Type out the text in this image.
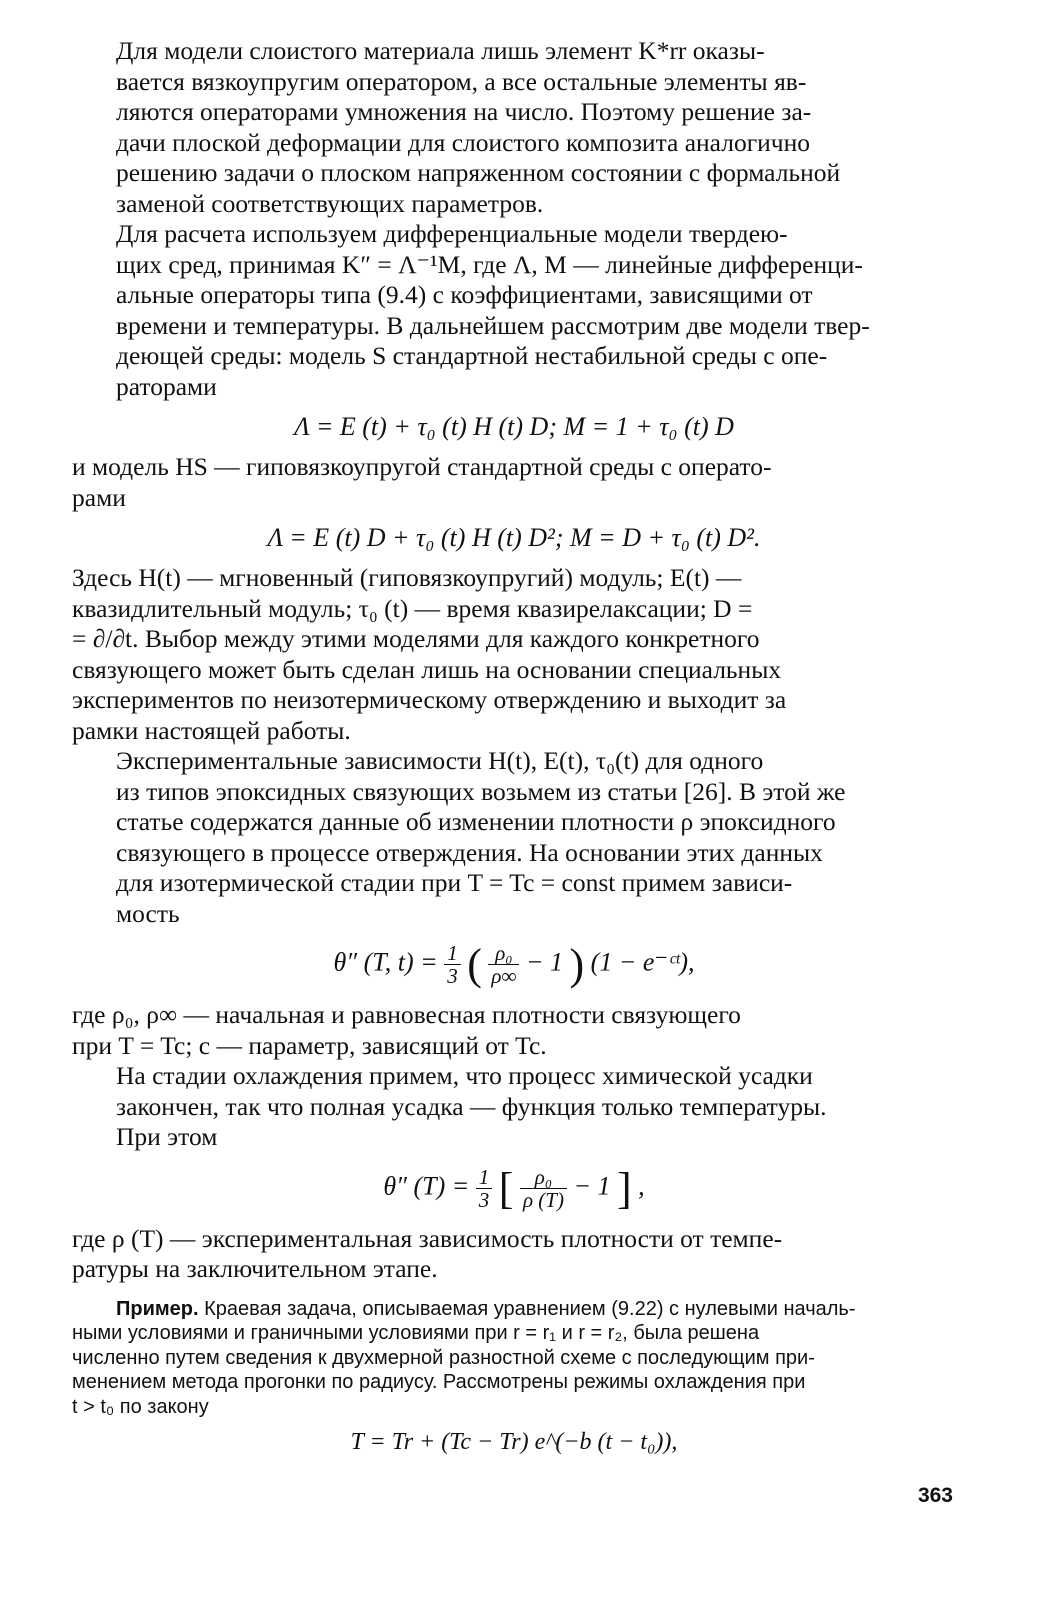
Для модели слоистого материала лишь элемент K*rr оказы-
вается вязкоупругим оператором, а все остальные элементы яв-
ляются операторами умножения на число. Поэтому решение за-
дачи плоской деформации для слоистого композита аналогично
решению задачи о плоском напряженном состоянии с формальной
заменой соответствующих параметров.

Для расчета используем дифференциальные модели твердею-
щих сред, принимая K″ = Λ⁻¹M, где Λ, M — линейные дифференци-
альные операторы типа (9.4) с коэффициентами, зависящими от
времени и температуры. В дальнейшем рассмотрим две модели твер-
деющей среды: модель S стандартной нестабильной среды с опе-
раторами

Λ = E (t) + τ₀ (t) H (t) D; M = 1 + τ₀ (t) D

и модель HS — гиповязкоупругой стандартной среды с операто-
рами

Λ = E (t) D + τ₀ (t) H (t) D²; M = D + τ₀ (t) D².

Здесь H(t) — мгновенный (гиповязкоупругий) модуль; E(t) —
квазидлительный модуль; τ₀ (t) — время квазирелаксации; D =
= ∂/∂t. Выбор между этими моделями для каждого конкретного
связующего может быть сделан лишь на основании специальных
экспериментов по неизотермическому отверждению и выходит за
рамки настоящей работы.

Экспериментальные зависимости H(t), E(t), τ₀(t) для одного
из типов эпоксидных связующих возьмем из статьи [26]. В этой же
статье содержатся данные об изменении плотности ρ эпоксидного
связующего в процессе отверждения. На основании этих данных
для изотермической стадии при T = Tc = const примем зависи-
мость

θ″ (T, $t) = \frac{1}{3}$ ( $\frac{\text{ρ₀}}{\rho\infty} - 1$ ) (1 − e⁻ᶜᵗ),

где ρ₀, ρ∞ — начальная и равновесная плотности связующего
при T = Tc; c — параметр, зависящий от Tc.

На стадии охлаждения примем, что процесс химической усадки
закончен, так что полная усадка — функция только температуры.
При этом

θ″ $(T) = \frac{1}{3}$ [ $\frac{\text{ρ₀}}{\rho (T)} - 1$ ] ,

где ρ (T) — экспериментальная зависимость плотности от темпе-
ратуры на заключительном этапе.

Пример. Краевая задача, описываемая уравнением (9.22) с нулевыми началь-
ными условиями и граничными условиями при r = r₁ и r = r₂, была решена
численно путем сведения к двухмерной разностной схеме с последующим при-
менением метода прогонки по радиусу. Рассмотрены режимы охлаждения при
t > t₀ по закону

T = Tr + (Tc − Tr) e^(−b (t − t₀)),
363
